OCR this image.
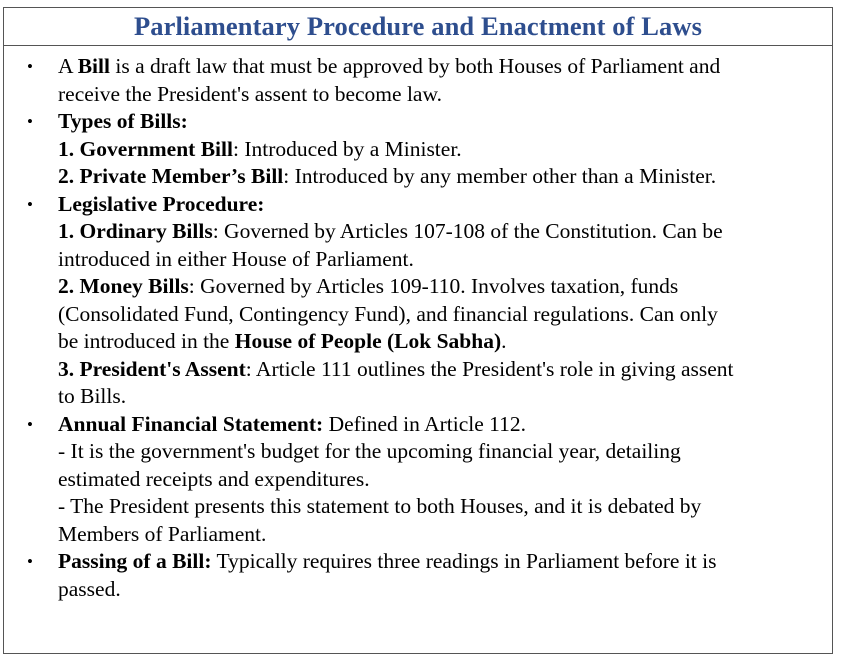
Parliamentary Procedure and Enactment of Laws
• A Bill is a draft law that must be approved by both Houses of Parliament and
receive the President's assent to become law.
• Types of Bills:
1. Government Bill: Introduced by a Minister.
2. Private Member’s Bill: Introduced by any member other than a Minister.
• Legislative Procedure:
1. Ordinary Bills: Governed by Articles 107-108 of the Constitution. Can be
introduced in either House of Parliament.
2. Money Bills: Governed by Articles 109-110. Involves taxation, funds
(Consolidated Fund, Contingency Fund), and financial regulations. Can only
be introduced in the House of People (Lok Sabha).
3. President's Assent: Article 111 outlines the President's role in giving assent
to Bills.
• Annual Financial Statement: Defined in Article 112.
- It is the government's budget for the upcoming financial year, detailing
estimated receipts and expenditures.
- The President presents this statement to both Houses, and it is debated by
Members of Parliament.
• Passing of a Bill: Typically requires three readings in Parliament before it is
passed.
